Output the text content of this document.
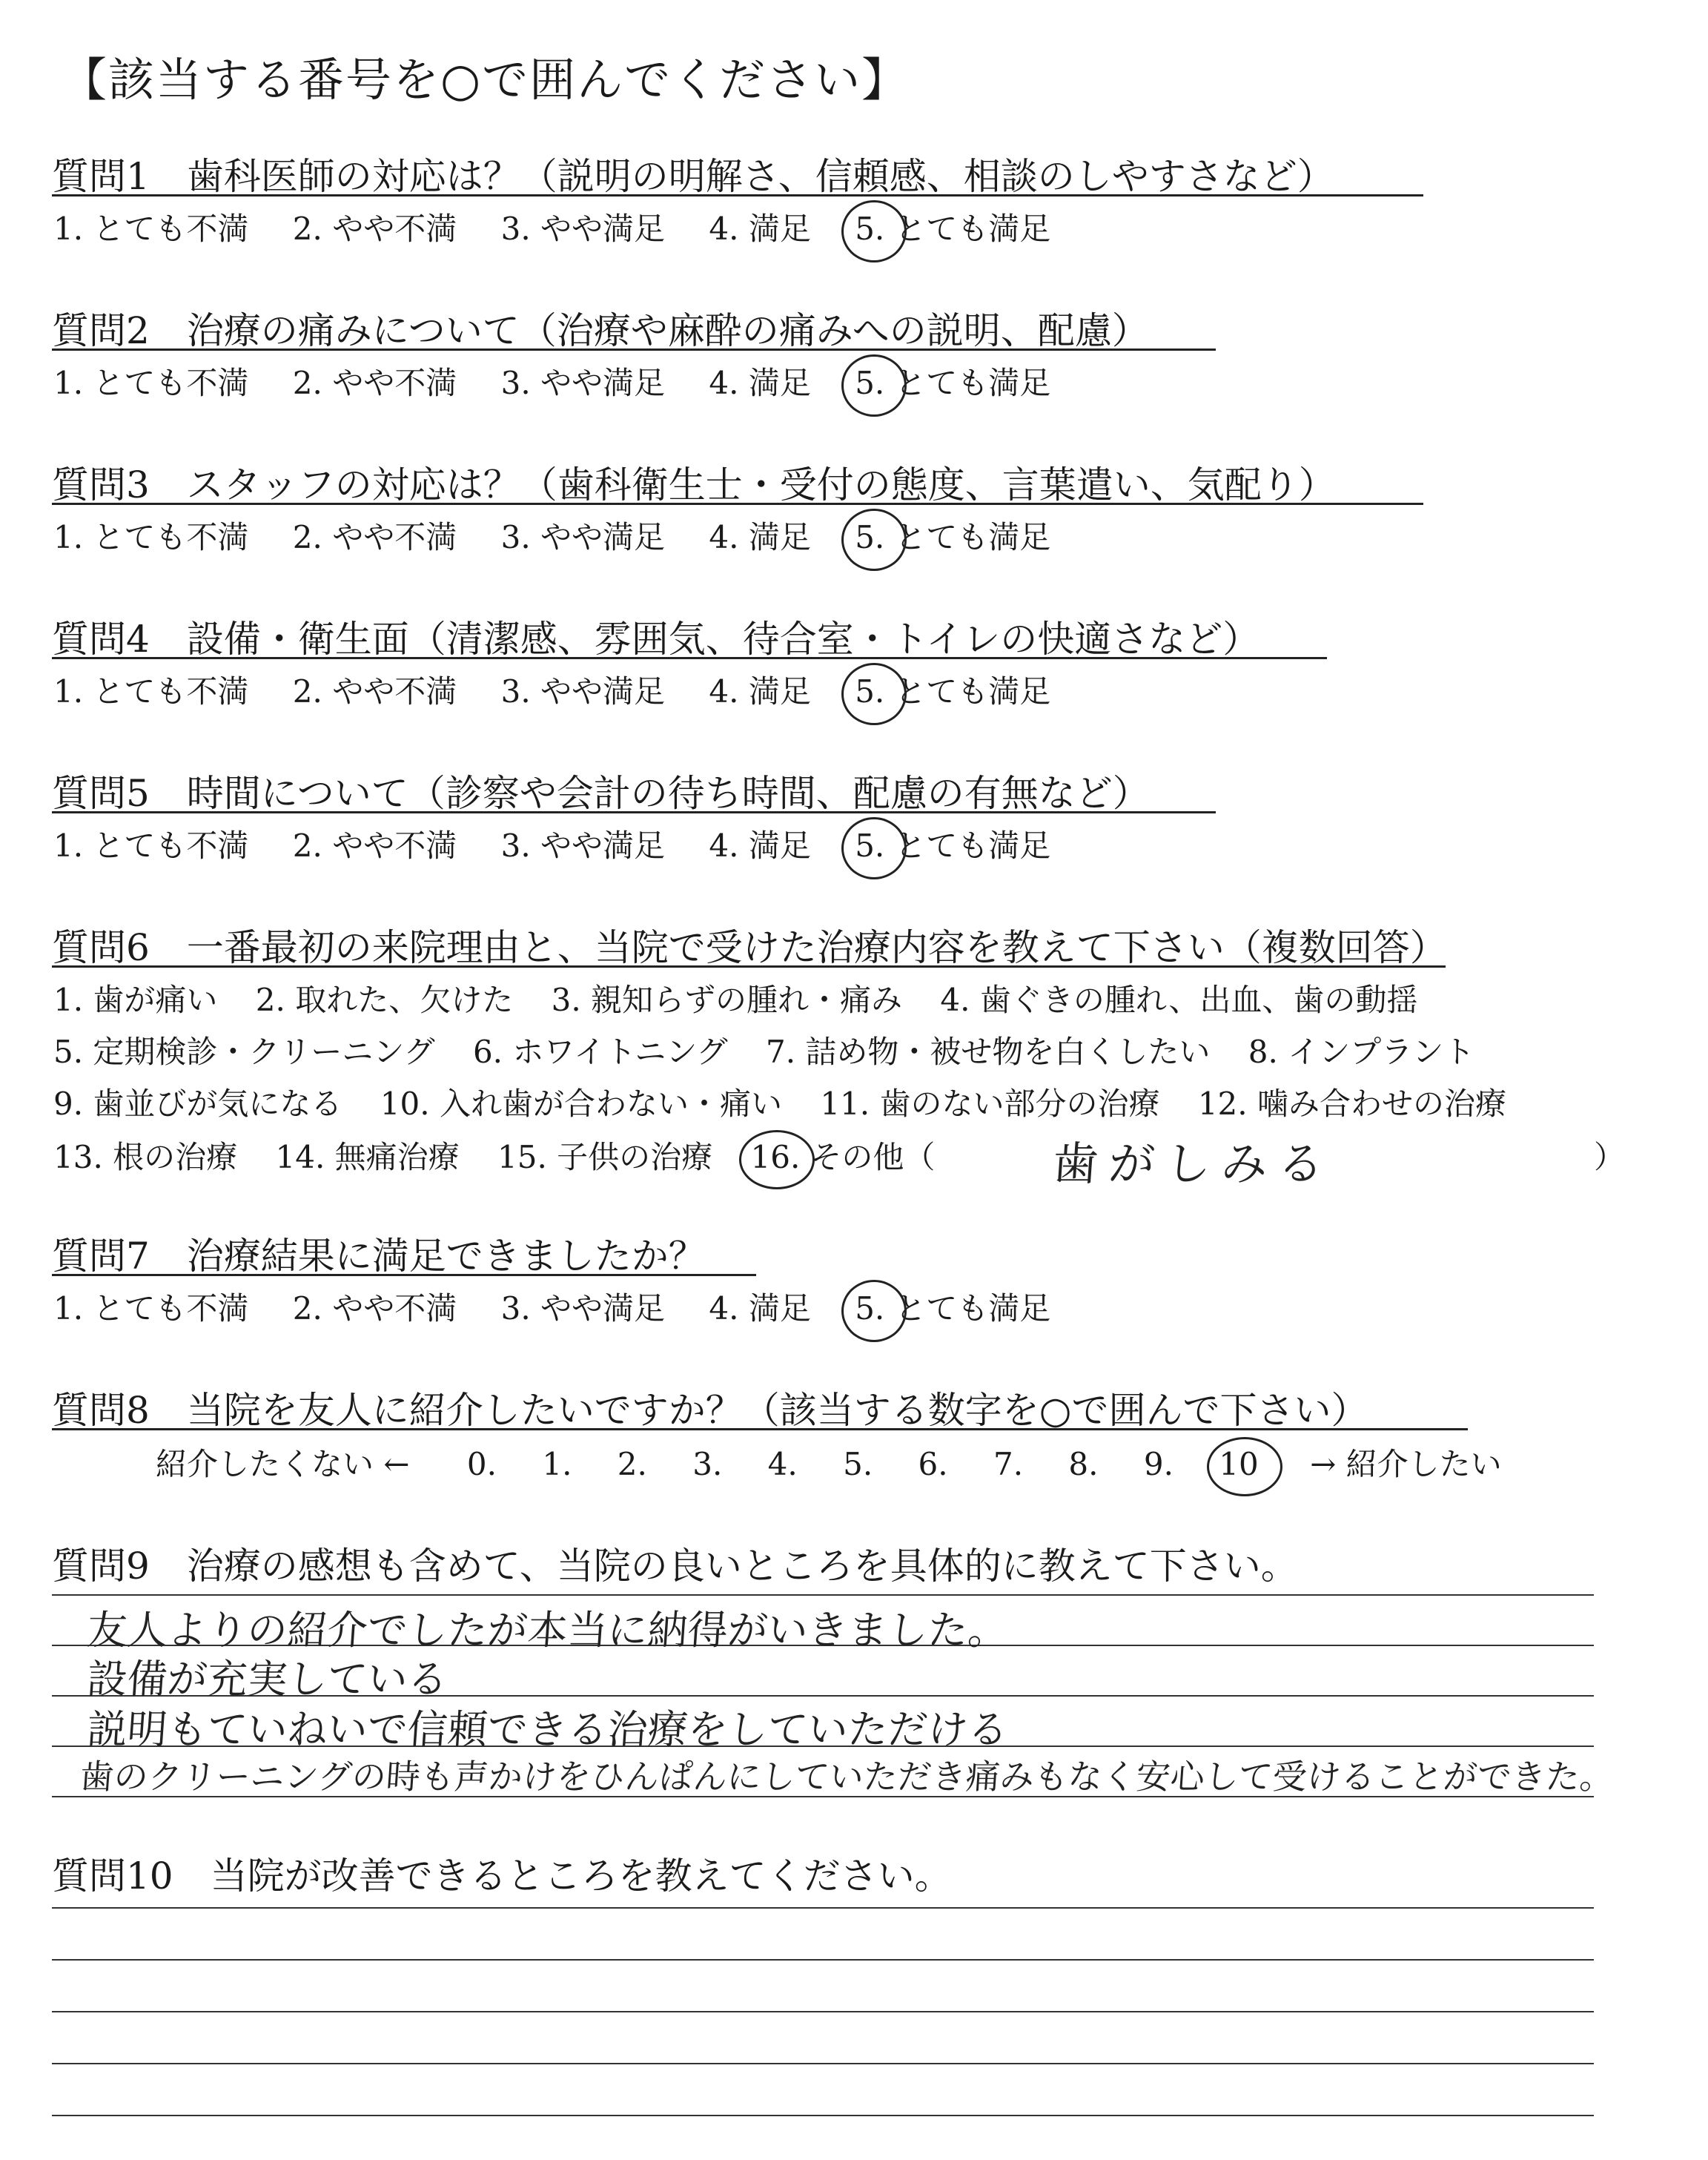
【該当する番号を○で囲んでください】
質問1　歯科医師の対応は？（説明の明解さ、信頼感、相談のしやすさなど）
1. とても不満 2. やや不満 3. やや満足 4. 満足 5. とても満足
質問2　治療の痛みについて（治療や麻酔の痛みへの説明、配慮）
1. とても不満 2. やや不満 3. やや満足 4. 満足 5. とても満足
質問3　スタッフの対応は？（歯科衛生士・受付の態度、言葉遣い、気配り）
1. とても不満 2. やや不満 3. やや満足 4. 満足 5. とても満足
質問4　設備・衛生面（清潔感、雰囲気、待合室・トイレの快適さなど）
1. とても不満 2. やや不満 3. やや満足 4. 満足 5. とても満足
質問5　時間について（診察や会計の待ち時間、配慮の有無など）
1. とても不満 2. やや不満 3. やや満足 4. 満足 5. とても満足
質問6　一番最初の来院理由と、当院で受けた治療内容を教えて下さい（複数回答）
1. 歯が痛い 2. 取れた、欠けた 3. 親知らずの腫れ・痛み 4. 歯ぐきの腫れ、出血、歯の動揺
5. 定期検診・クリーニング 6. ホワイトニング 7. 詰め物・被せ物を白くしたい 8. インプラント
9. 歯並びが気になる 10. 入れ歯が合わない・痛い 11. 歯のない部分の治療 12. 噛み合わせの治療
13. 根の治療 14. 無痛治療 15. 子供の治療 16. その他（	歯がしみる	）
質問7　治療結果に満足できましたか？
1. とても不満 2. やや不満 3. やや満足 4. 満足 5. とても満足
質問8　当院を友人に紹介したいですか？（該当する数字を○で囲んで下さい）
紹介したくない ← 0. 1. 2. 3. 4. 5. 6. 7. 8. 9. 10 → 紹介したい
質問9　治療の感想も含めて、当院の良いところを具体的に教えて下さい。
友人よりの紹介でしたが本当に納得がいきました。
設備が充実している
説明もていねいで信頼できる治療をしていただける
歯のクリーニングの時も声かけをひんぱんにしていただき痛みもなく安心して受けることができた。
質問10　当院が改善できるところを教えてください。
